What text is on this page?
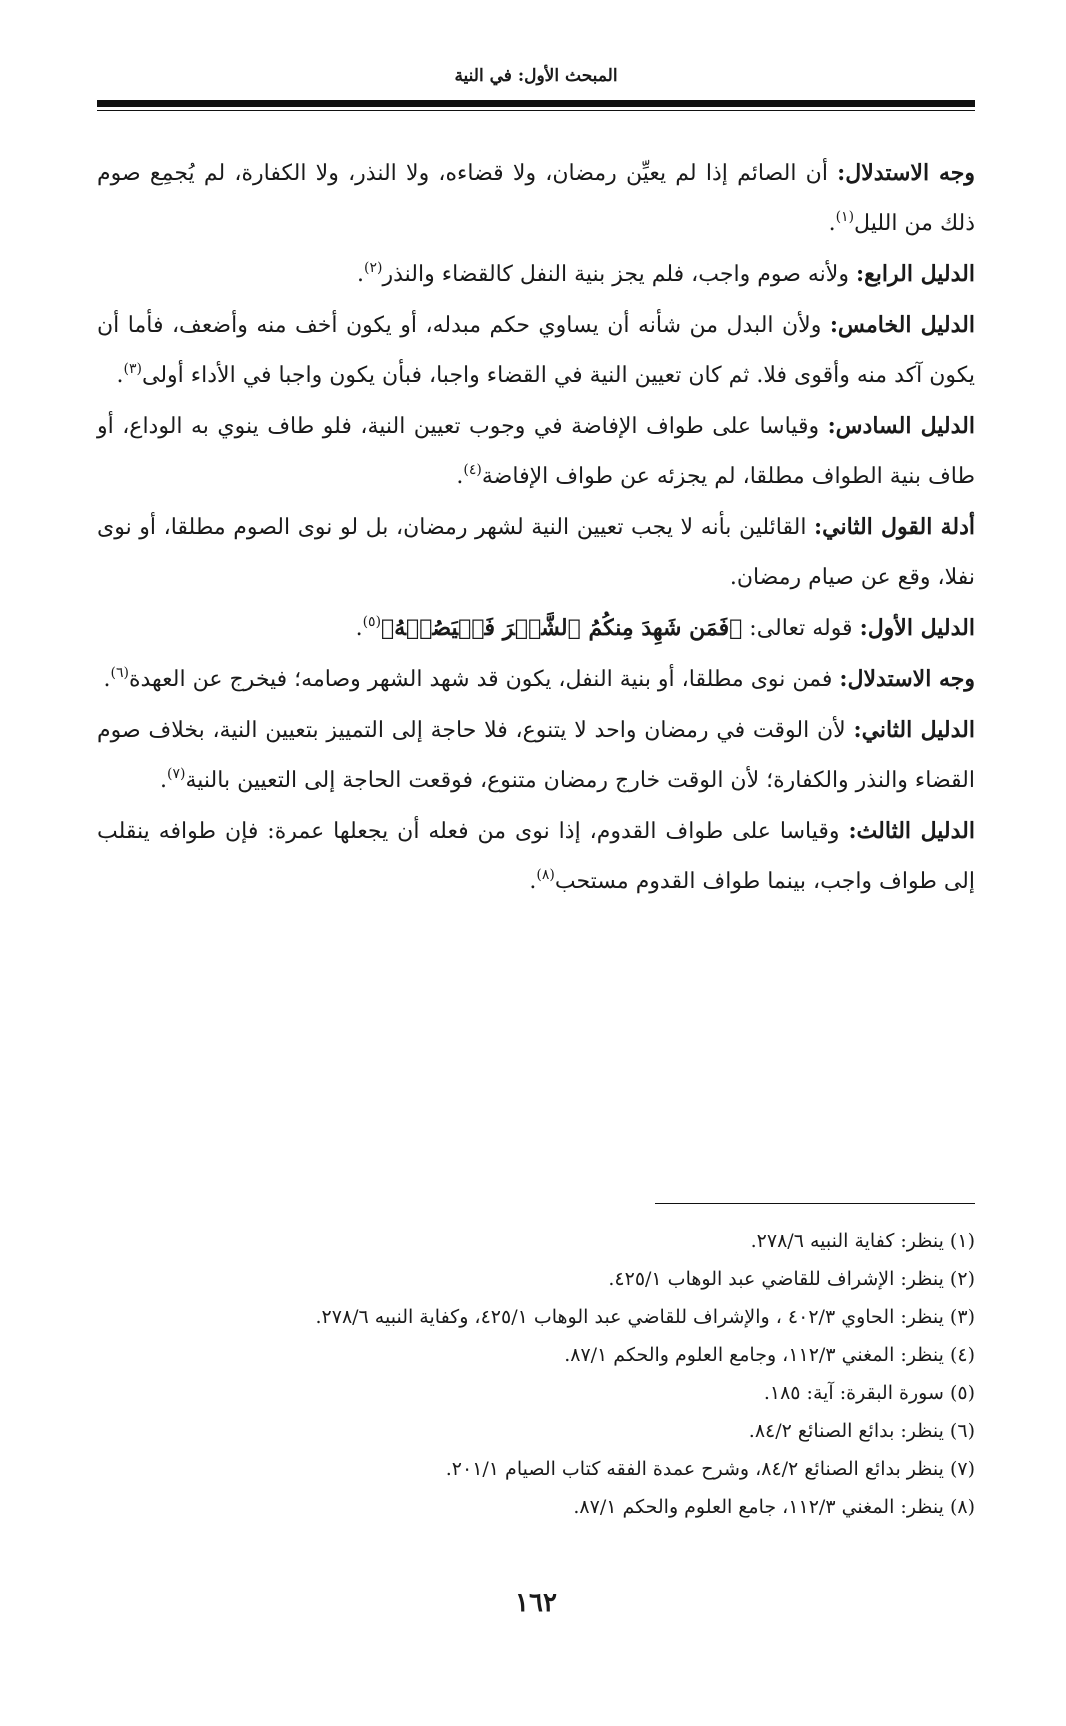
المبحث الأول: في النية

وجه الاستدلال: أن الصائم إذا لم يعيِّن رمضان، ولا قضاءه، ولا النذر، ولا الكفارة، لم يُجمِع صوم ذلك من الليل$^{(١)}$.

الدليل الرابع: ولأنه صوم واجب، فلم يجز بنية النفل كالقضاء والنذر$^{(٢)}$.

الدليل الخامس: ولأن البدل من شأنه أن يساوي حكم مبدله، أو يكون أخف منه وأضعف، فأما أن يكون آكد منه وأقوى فلا. ثم كان تعيين النية في القضاء واجبا، فبأن يكون واجبا في الأداء أولى$^{(٣)}$.

الدليل السادس: وقياسا على طواف الإفاضة في وجوب تعيين النية، فلو طاف ينوي به الوداع، أو طاف بنية الطواف مطلقا، لم يجزئه عن طواف الإفاضة$^{(٤)}$.

أدلة القول الثاني: القائلين بأنه لا يجب تعيين النية لشهر رمضان، بل لو نوى الصوم مطلقا، أو نوى نفلا، وقع عن صيام رمضان.

الدليل الأول: قوله تعالى: ﴿فَمَن شَهِدَ مِنكُمُ ٱلشَّهۡرَ فَلۡيَصُمۡهُ﴾$^{(٥)}$.

وجه الاستدلال: فمن نوى مطلقا، أو بنية النفل، يكون قد شهد الشهر وصامه؛ فيخرج عن العهدة$^{(٦)}$.

الدليل الثاني: لأن الوقت في رمضان واحد لا يتنوع، فلا حاجة إلى التمييز بتعيين النية، بخلاف صوم القضاء والنذر والكفارة؛ لأن الوقت خارج رمضان متنوع، فوقعت الحاجة إلى التعيين بالنية$^{(٧)}$.

الدليل الثالث: وقياسا على طواف القدوم، إذا نوى من فعله أن يجعلها عمرة: فإن طوافه ينقلب إلى طواف واجب، بينما طواف القدوم مستحب$^{(٨)}$.

(١) ينظر: كفاية النبيه ٢٧٨/٦.

(٢) ينظر: الإشراف للقاضي عبد الوهاب ٤٢٥/١.

(٣) ينظر: الحاوي ٤٠٢/٣ ، والإشراف للقاضي عبد الوهاب ٤٢٥/١، وكفاية النبيه ٢٧٨/٦.

(٤) ينظر: المغني ١١٢/٣، وجامع العلوم والحكم ٨٧/١.

(٥) سورة البقرة: آية: ١٨٥.

(٦) ينظر: بدائع الصنائع ٨٤/٢.

(٧) ينظر بدائع الصنائع ٨٤/٢، وشرح عمدة الفقه كتاب الصيام ٢٠١/١.

(٨) ينظر: المغني ١١٢/٣، جامع العلوم والحكم ٨٧/١.

١٦٢
